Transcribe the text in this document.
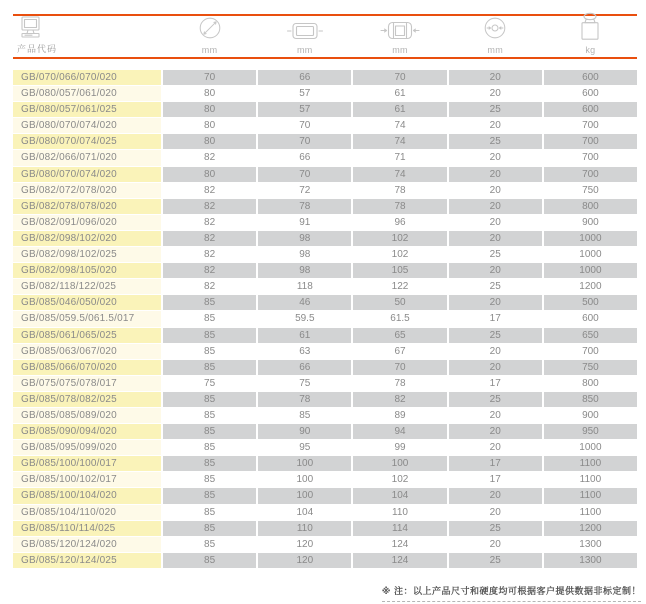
产品代码	mm	mm	mm	mm	kg
GB/070/066/070/020	70	66	70	20	600
GB/080/057/061/020	80	57	61	20	600
GB/080/057/061/025	80	57	61	25	600
GB/080/070/074/020	80	70	74	20	700
GB/080/070/074/025	80	70	74	25	700
GB/082/066/071/020	82	66	71	20	700
GB/080/070/074/020	80	70	74	20	700
GB/082/072/078/020	82	72	78	20	750
GB/082/078/078/020	82	78	78	20	800
GB/082/091/096/020	82	91	96	20	900
GB/082/098/102/020	82	98	102	20	1000
GB/082/098/102/025	82	98	102	25	1000
GB/082/098/105/020	82	98	105	20	1000
GB/082/118/122/025	82	118	122	25	1200
GB/085/046/050/020	85	46	50	20	500
GB/085/059.5/061.5/017	85	59.5	61.5	17	600
GB/085/061/065/025	85	61	65	25	650
GB/085/063/067/020	85	63	67	20	700
GB/085/066/070/020	85	66	70	20	750
GB/075/075/078/017	75	75	78	17	800
GB/085/078/082/025	85	78	82	25	850
GB/085/085/089/020	85	85	89	20	900
GB/085/090/094/020	85	90	94	20	950
GB/085/095/099/020	85	95	99	20	1000
GB/085/100/100/017	85	100	100	17	1100
GB/085/100/102/017	85	100	102	17	1100
GB/085/100/104/020	85	100	104	20	1100
GB/085/104/110/020	85	104	110	20	1100
GB/085/110/114/025	85	110	114	25	1200
GB/085/120/124/020	85	120	124	20	1300
GB/085/120/124/025	85	120	124	25	1300
※ 注：以上产品尺寸和硬度均可根据客户提供数据非标定制！
